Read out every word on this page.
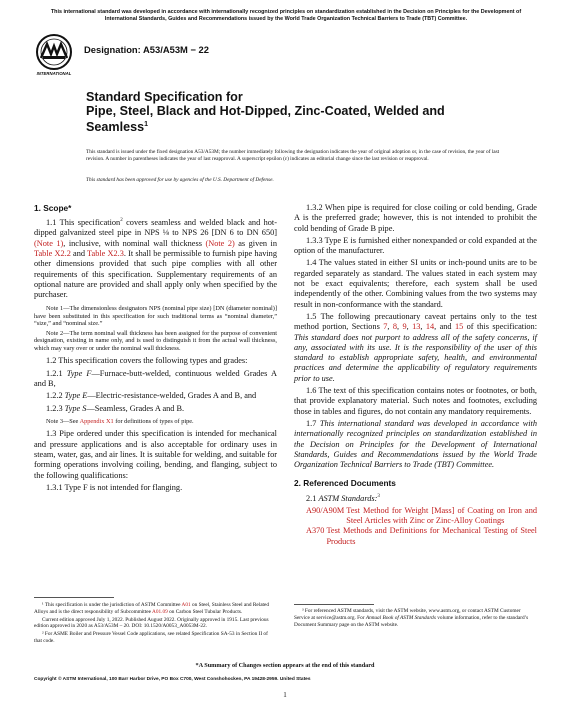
This international standard was developed in accordance with internationally recognized principles on standardization established in the Decision on Principles for the Development of International Standards, Guides and Recommendations issued by the World Trade Organization Technical Barriers to Trade (TBT) Committee.
INTERNATIONAL
Designation: A53/A53M − 22
Standard Specification for
Pipe, Steel, Black and Hot-Dipped, Zinc-Coated, Welded and
Seamless$^1$
This standard is issued under the fixed designation A53/A53M; the number immediately following the designation indicates the year of original adoption or, in the case of revision, the year of last revision. A number in parentheses indicates the year of last reapproval. A superscript epsilon (ε) indicates an editorial change since the last revision or reapproval.
This standard has been approved for use by agencies of the U.S. Department of Defense.
1. Scope*

1.1 This specification$^2$ covers seamless and welded black and hot-dipped galvanized steel pipe in NPS ⅛ to NPS 26 [DN 6 to DN 650] (Note 1), inclusive, with nominal wall thickness (Note 2) as given in Table X2.2 and Table X2.3. It shall be permissible to furnish pipe having other dimensions provided that such pipe complies with all other requirements of this specification. Supplementary requirements of an optional nature are provided and shall apply only when specified by the purchaser.

Note 1—The dimensionless designators NPS (nominal pipe size) [DN (diameter nominal)] have been substituted in this specification for such traditional terms as “nominal diameter,” “size,” and “nominal size.”

Note 2—The term nominal wall thickness has been assigned for the purpose of convenient designation, existing in name only, and is used to distinguish it from the actual wall thickness, which may vary over or under the nominal wall thickness.

1.2 This specification covers the following types and grades:

1.2.1 Type F—Furnace-butt-welded, continuous welded Grades A and B,

1.2.2 Type E—Electric-resistance-welded, Grades A and B, and

1.2.3 Type S—Seamless, Grades A and B.

Note 3—See Appendix X1 for definitions of types of pipe.

1.3 Pipe ordered under this specification is intended for mechanical and pressure applications and is also acceptable for ordinary uses in steam, water, gas, and air lines. It is suitable for welding, and suitable for forming operations involving coiling, bending, and flanging, subject to the following qualifications:

1.3.1 Type F is not intended for flanging.

¹ This specification is under the jurisdiction of ASTM Committee A01 on Steel, Stainless Steel and Related Alloys and is the direct responsibility of Subcommittee A01.09 on Carbon Steel Tubular Products.

Current edition approved July 1, 2022. Published August 2022. Originally approved in 1915. Last previous edition approved in 2020 as A53/A53M – 20. DOI: 10.1520/A0053_A0053M-22.

² For ASME Boiler and Pressure Vessel Code applications, see related Specification SA-53 in Section II of that code.

1.3.2 When pipe is required for close coiling or cold bending, Grade A is the preferred grade; however, this is not intended to prohibit the cold bending of Grade B pipe.

1.3.3 Type E is furnished either nonexpanded or cold expanded at the option of the manufacturer.

1.4 The values stated in either SI units or inch-pound units are to be regarded separately as standard. The values stated in each system may not be exact equivalents; therefore, each system shall be used independently of the other. Combining values from the two systems may result in non-conformance with the standard.

1.5 The following precautionary caveat pertains only to the test method portion, Sections 7, 8, 9, 13, 14, and 15 of this specification: This standard does not purport to address all of the safety concerns, if any, associated with its use. It is the responsibility of the user of this standard to establish appropriate safety, health, and environmental practices and determine the applicability of regulatory requirements prior to use.

1.6 The text of this specification contains notes or footnotes, or both, that provide explanatory material. Such notes and footnotes, excluding those in tables and figures, do not contain any mandatory requirements.

1.7 This international standard was developed in accordance with internationally recognized principles on standardization established in the Decision on Principles for the Development of International Standards, Guides and Recommendations issued by the World Trade Organization Technical Barriers to Trade (TBT) Committee.

2. Referenced Documents

2.1 ASTM Standards:$^3$

A90/A90M Test Method for Weight [Mass] of Coating on Iron and Steel Articles with Zinc or Zinc-Alloy Coatings
A370 Test Methods and Definitions for Mechanical Testing of Steel Products

³ For referenced ASTM standards, visit the ASTM website, www.astm.org, or contact ASTM Customer Service at service@astm.org. For Annual Book of ASTM Standards volume information, refer to the standard’s Document Summary page on the ASTM website.

*A Summary of Changes section appears at the end of this standard
Copyright © ASTM International, 100 Barr Harbor Drive, PO Box C700, West Conshohocken, PA 19428-2959. United States
1
